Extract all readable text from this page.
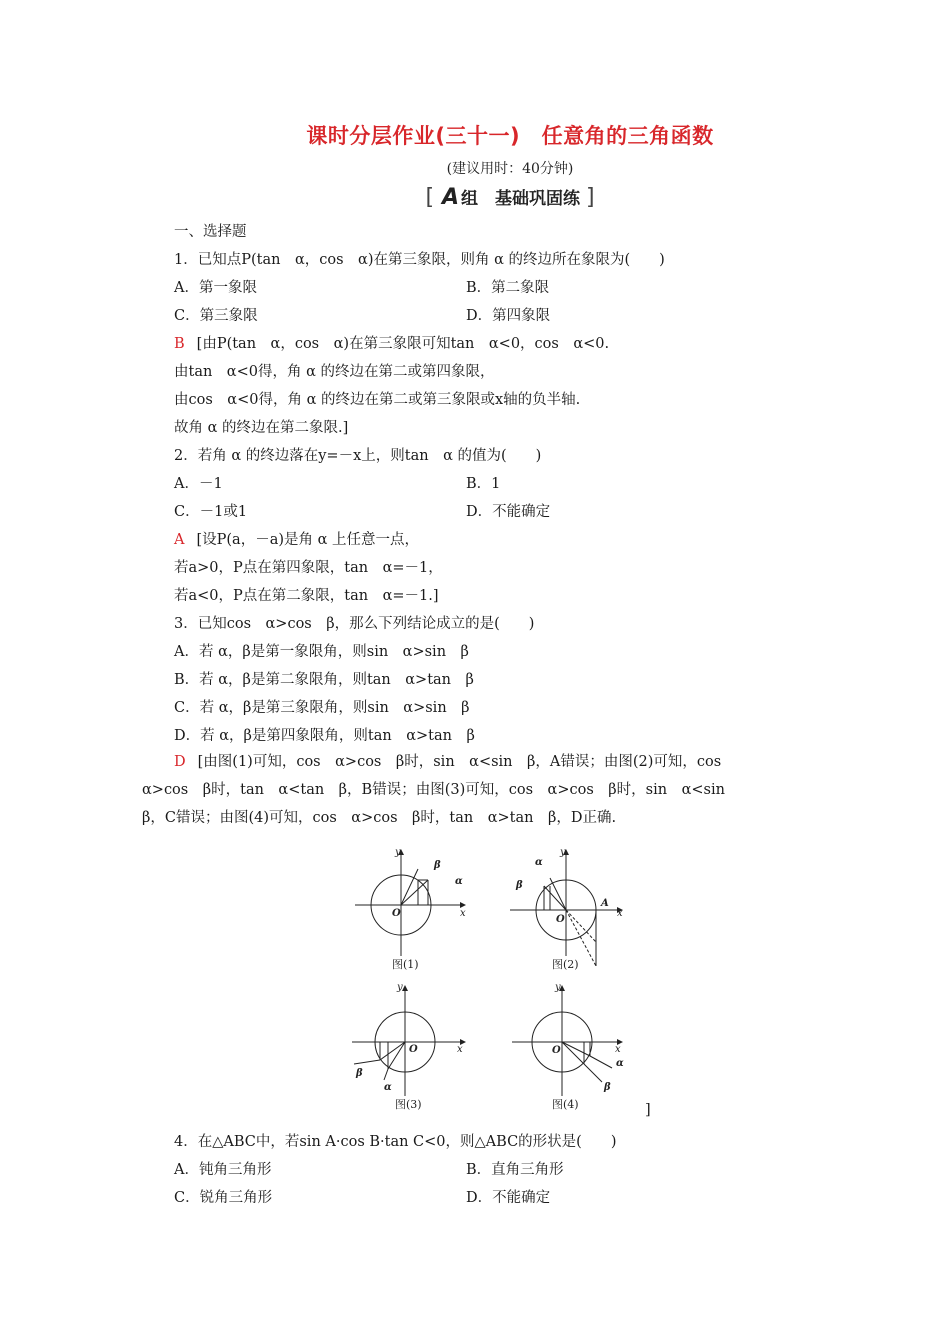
课时分层作业(三十一)　任意角的三角函数
(建议用时：40分钟)
[ A 组　基础巩固练 ]
一、选择题
1．已知点P(tan　α，cos　α)在第三象限，则角 α 的终边所在象限为(　　)
A．第一象限	B．第二象限
C．第三象限	D．第四象限
B [由P(tan　α，cos　α)在第三象限可知tan　α<0，cos　α<0.
由tan　α<0得，角 α 的终边在第二或第四象限，
由cos　α<0得，角 α 的终边在第二或第三象限或x轴的负半轴.
故角 α 的终边在第二象限.]
2．若角 α 的终边落在y=－x上，则tan　α 的值为(　　)
A．－1	B．1
C．－1或1	D．不能确定
A [设P(a，－a)是角 α 上任意一点，
若a>0，P点在第四象限，tan　α=－1，
若a<0，P点在第二象限，tan　α=－1.]
3．已知cos　α>cos　β，那么下列结论成立的是(　　)
A．若 α，β是第一象限角，则sin　α>sin　β
B．若 α，β是第二象限角，则tan　α>tan　β
C．若 α，β是第三象限角，则sin　α>sin　β
D．若 α，β是第四象限角，则tan　α>tan　β
D [由图(1)可知，cos　α>cos　β时，sin　α<sin　β，A错误；由图(2)可知，cos
α>cos　β时，tan　α<tan　β，B错误；由图(3)可知，cos　α>cos　β时，sin　α<sin
β，C错误；由图(4)可知，cos　α>cos　β时，tan　α>tan　β，D正确.
x
y
O
β
α
图(1)
x
y
O
A
α
β
图(2)
x
y
O
β
α
图(3)
x
y
O
α
β
图(4)	]
4．在△ABC中，若sin A·cos B·tan C<0，则△ABC的形状是(　　)
A．钝角三角形	B．直角三角形
C．锐角三角形	D．不能确定
